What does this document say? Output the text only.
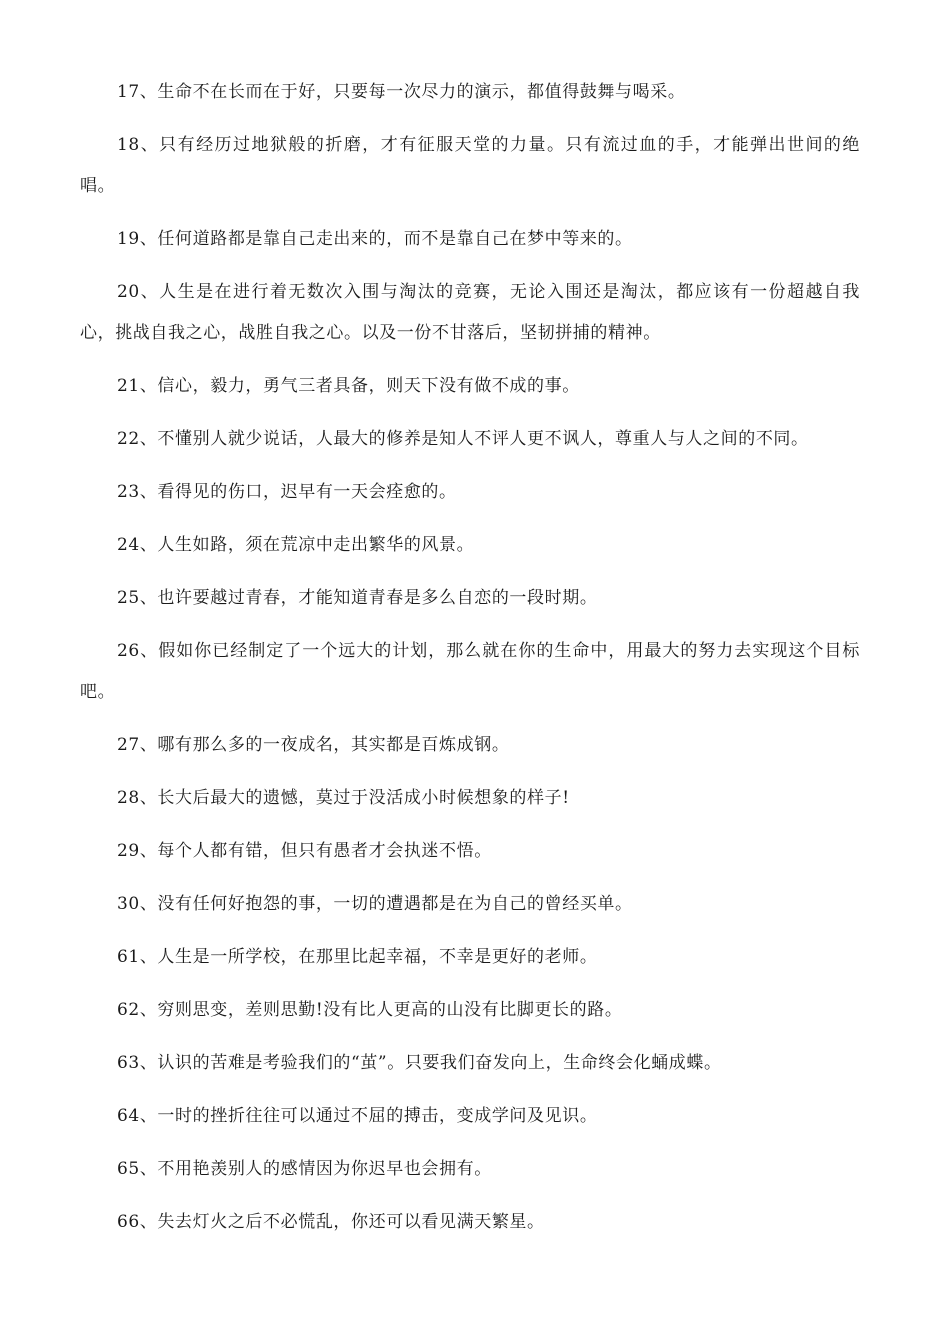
17、生命不在长而在于好，只要每一次尽力的演示，都值得鼓舞与喝采。

18、只有经历过地狱般的折磨，才有征服天堂的力量。只有流过血的手，才能弹出世间的绝唱。

19、任何道路都是靠自己走出来的，而不是靠自己在梦中等来的。

20、人生是在进行着无数次入围与淘汰的竞赛，无论入围还是淘汰，都应该有一份超越自我心，挑战自我之心，战胜自我之心。以及一份不甘落后，坚韧拼捕的精神。

21、信心，毅力，勇气三者具备，则天下没有做不成的事。

22、不懂别人就少说话，人最大的修养是知人不评人更不讽人，尊重人与人之间的不同。

23、看得见的伤口，迟早有一天会痊愈的。

24、人生如路，须在荒凉中走出繁华的风景。

25、也许要越过青春，才能知道青春是多么自恋的一段时期。

26、假如你已经制定了一个远大的计划，那么就在你的生命中，用最大的努力去实现这个目标吧。

27、哪有那么多的一夜成名，其实都是百炼成钢。

28、长大后最大的遗憾，莫过于没活成小时候想象的样子!

29、每个人都有错，但只有愚者才会执迷不悟。

30、没有任何好抱怨的事，一切的遭遇都是在为自己的曾经买单。

61、人生是一所学校，在那里比起幸福，不幸是更好的老师。

62、穷则思变，差则思勤!没有比人更高的山没有比脚更长的路。

63、认识的苦难是考验我们的“茧”。只要我们奋发向上，生命终会化蛹成蝶。

64、一时的挫折往往可以通过不屈的搏击，变成学问及见识。

65、不用艳羡别人的感情因为你迟早也会拥有。

66、失去灯火之后不必慌乱，你还可以看见满天繁星。
